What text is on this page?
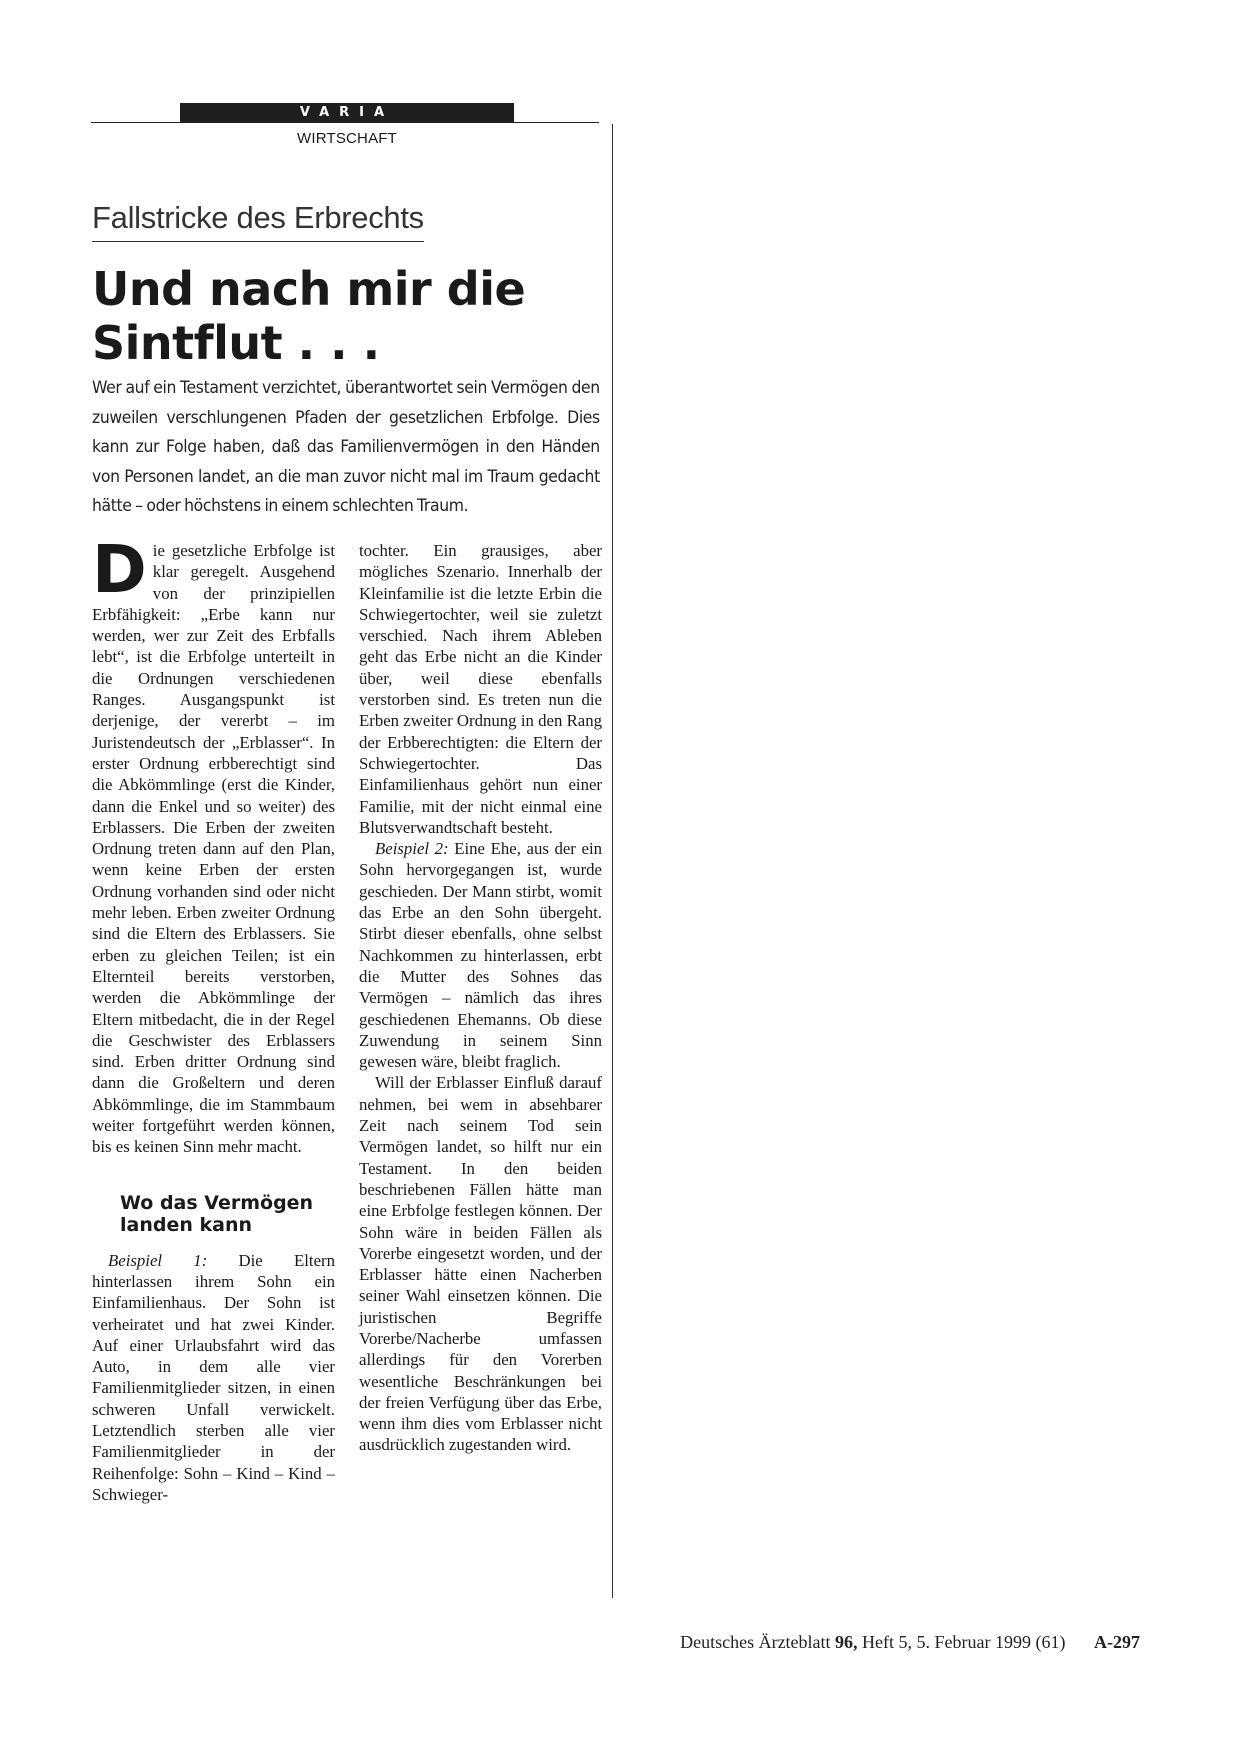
VARIA
WIRTSCHAFT
Fallstricke des Erbrechts
Und nach mir die
Sintflut . . .
Wer auf ein Testament verzichtet, überantwortet sein Vermögen den zuweilen verschlungenen Pfaden der gesetzlichen Erbfolge. Dies kann zur Folge haben, daß das Familienvermögen in den Händen von Personen landet, an die man zuvor nicht mal im Traum gedacht hätte – oder höchstens in einem schlechten Traum.

Die gesetzliche Erbfolge ist klar geregelt. Ausgehend von der prinzipiellen Erbfähigkeit: „Erbe kann nur werden, wer zur Zeit des Erbfalls lebt“, ist die Erbfolge unterteilt in die Ordnungen verschiedenen Ranges. Ausgangspunkt ist derjenige, der vererbt – im Juristendeutsch der „Erblasser“. In erster Ordnung erbberechtigt sind die Abkömmlinge (erst die Kinder, dann die Enkel und so weiter) des Erblassers. Die Erben der zweiten Ordnung treten dann auf den Plan, wenn keine Erben der ersten Ordnung vorhanden sind oder nicht mehr leben. Erben zweiter Ordnung sind die Eltern des Erblassers. Sie erben zu gleichen Teilen; ist ein Elternteil bereits verstorben, werden die Abkömmlinge der Eltern mitbedacht, die in der Regel die Geschwister des Erblassers sind. Erben dritter Ordnung sind dann die Großeltern und deren Abkömmlinge, die im Stammbaum weiter fortgeführt werden können, bis es keinen Sinn mehr macht.

Wo das Vermögen landen kann

Beispiel 1: Die Eltern hinterlassen ihrem Sohn ein Einfamilienhaus. Der Sohn ist verheiratet und hat zwei Kinder. Auf einer Urlaubsfahrt wird das Auto, in dem alle vier Familienmitglieder sitzen, in einen schweren Unfall verwickelt. Letztendlich sterben alle vier Familienmitglieder in der Reihenfolge: Sohn – Kind – Kind – Schwieger-

tochter. Ein grausiges, aber mögliches Szenario. Innerhalb der Kleinfamilie ist die letzte Erbin die Schwiegertochter, weil sie zuletzt verschied. Nach ihrem Ableben geht das Erbe nicht an die Kinder über, weil diese ebenfalls verstorben sind. Es treten nun die Erben zweiter Ordnung in den Rang der Erbberechtigten: die Eltern der Schwiegertochter. Das Einfamilienhaus gehört nun einer Familie, mit der nicht einmal eine Blutsverwandtschaft besteht.

Beispiel 2: Eine Ehe, aus der ein Sohn hervorgegangen ist, wurde geschieden. Der Mann stirbt, womit das Erbe an den Sohn übergeht. Stirbt dieser ebenfalls, ohne selbst Nachkommen zu hinterlassen, erbt die Mutter des Sohnes das Vermögen – nämlich das ihres geschiedenen Ehemanns. Ob diese Zuwendung in seinem Sinn gewesen wäre, bleibt fraglich.

Will der Erblasser Einfluß darauf nehmen, bei wem in absehbarer Zeit nach seinem Tod sein Vermögen landet, so hilft nur ein Testament. In den beiden beschriebenen Fällen hätte man eine Erbfolge festlegen können. Der Sohn wäre in beiden Fällen als Vorerbe eingesetzt worden, und der Erblasser hätte einen Nacherben seiner Wahl einsetzen können. Die juristischen Begriffe Vorerbe/Nacherbe umfassen allerdings für den Vorerben wesentliche Beschränkungen bei der freien Verfügung über das Erbe, wenn ihm dies vom Erblasser nicht ausdrücklich zugestanden wird.

Deutsches Ärzteblatt 96, Heft 5, 5. Februar 1999 (61) A-297
